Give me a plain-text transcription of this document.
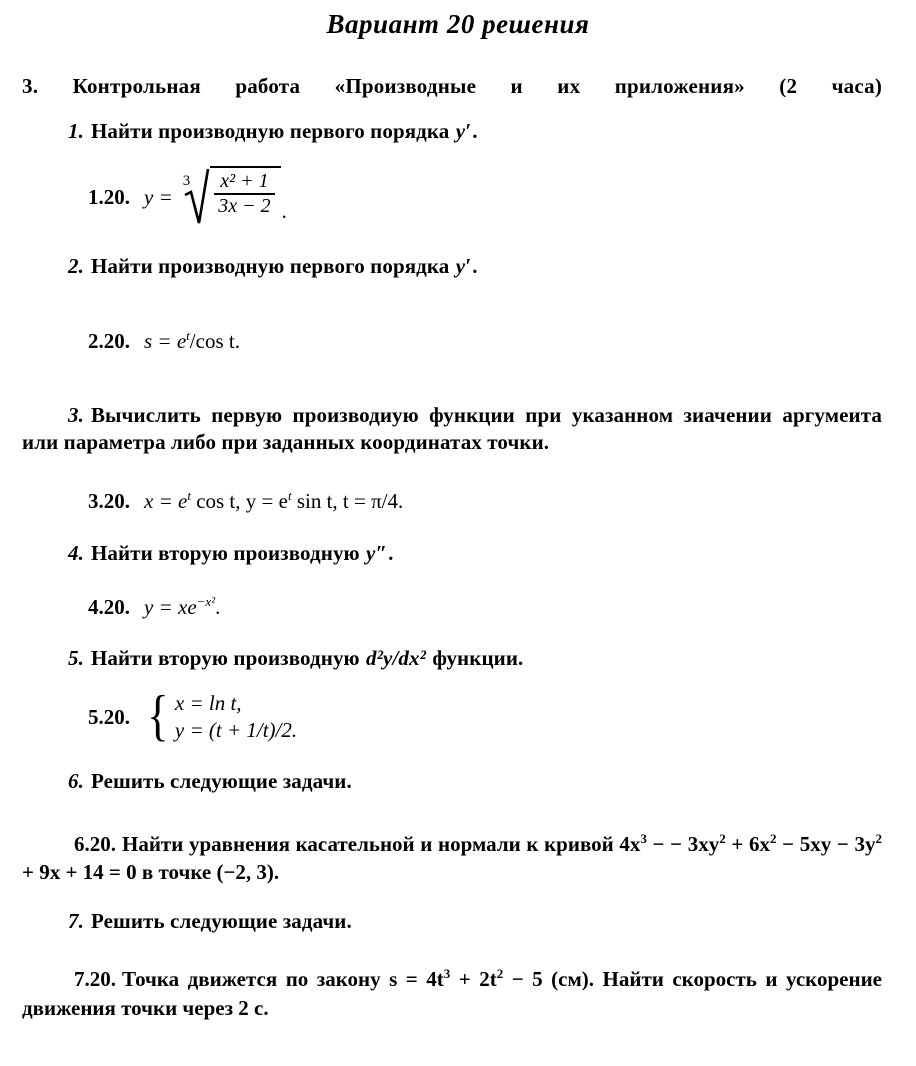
Вариант 20 решения
3. Контрольная работа «Производные и их приложения» (2 часа)
1. Найти производную первого порядка y′.
1.20. y =
$3 \frac{\text{x² + 1}}{3x - 2}$ .
2. Найти производную первого порядка y′.
2.20. $s = e^t/\cos$ t.
3. Вычислить первую производиую функции при указанном зиачении аргумеита или параметра либо при заданных координатах точки.
3.20. $x = e^t$ cos t, $y = e^t$ sin t, t = π/4.
4. Найти вторую производную y″.
4.20. $y = xe^{-x^2}$.
5. Найти вторую производную d²y/dx² функции.
5.20. { x = ln t,
y = (t + 1/t)/2.
6. Решить следующие задачи.
6.20. Найти уравнения касательной и нормали к кривой $4x^3$ − − $3xy^2 + 6x^2 - 5xy - 3y^2 + 9x + 14 = 0$ в точке (−2, 3).
7. Решить следующие задачи.
7.20. Точка движется по закону $s = 4t^3 + 2t^2 - 5$ (см). Найти скорость и ускорение движения точки через 2 с.
